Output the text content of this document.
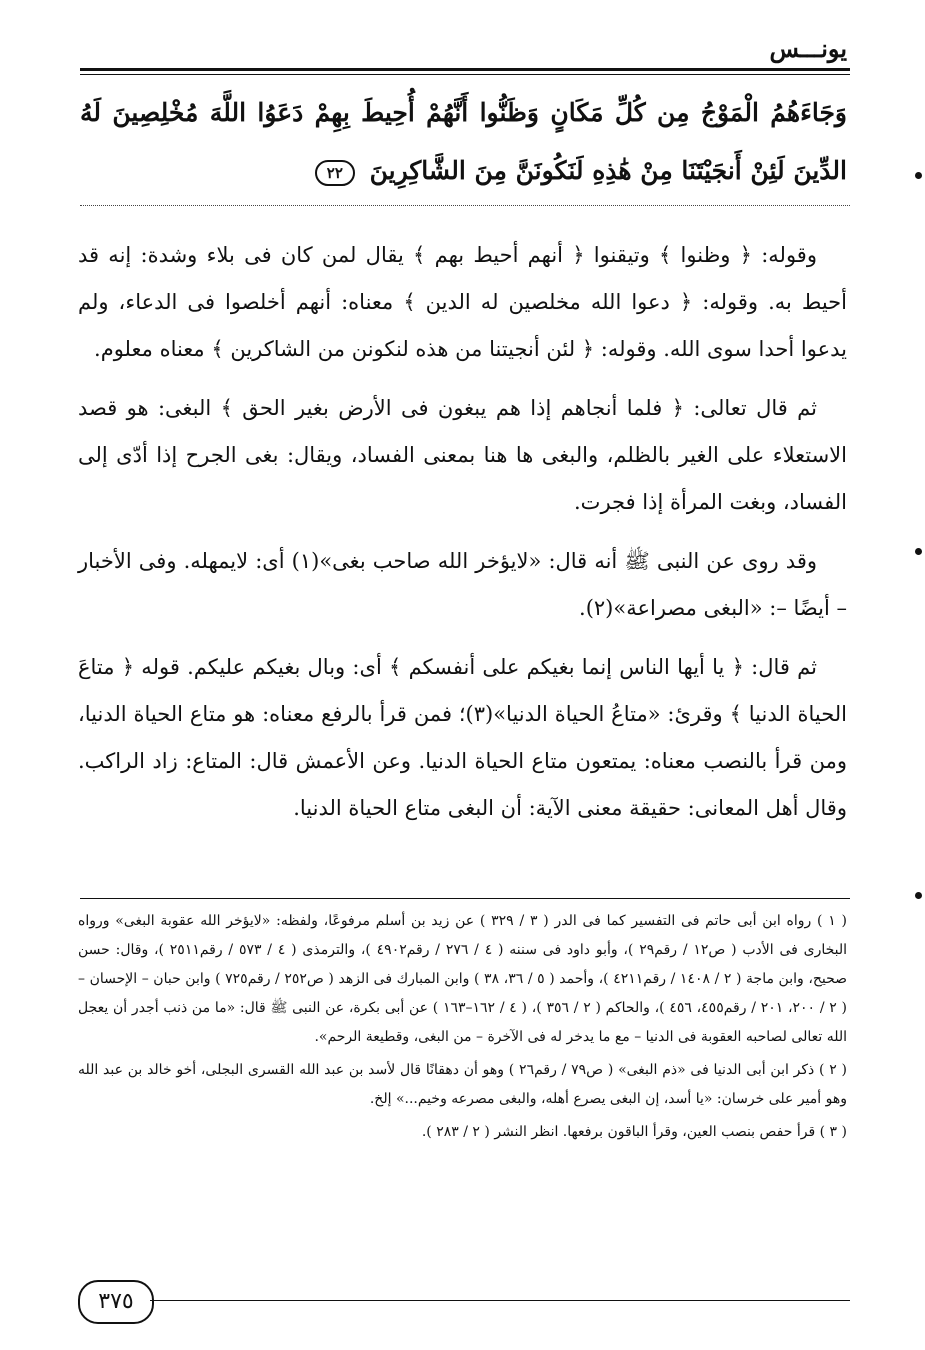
يونـــس
وَجَاءَهُمُ الْمَوْجُ مِن كُلِّ مَكَانٍ وَظَنُّوا أَنَّهُمْ أُحِيطَ بِهِمْ دَعَوُا اللَّهَ مُخْلِصِينَ لَهُ الدِّينَ لَئِنْ أَنجَيْتَنَا مِنْ هَٰذِهِ لَنَكُونَنَّ مِنَ الشَّاكِرِينَ ٢٢

وقوله: ﴿ وظنوا ﴾ وتيقنوا ﴿ أنهم أحيط بهم ﴾ يقال لمن كان فى بلاء وشدة: إنه قد أحيط به. وقوله: ﴿ دعوا الله مخلصين له الدين ﴾ معناه: أنهم أخلصوا فى الدعاء، ولم يدعوا أحدا سوى الله. وقوله: ﴿ لئن أنجيتنا من هذه لنكونن من الشاكرين ﴾ معناه معلوم.

ثم قال تعالى: ﴿ فلما أنجاهم إذا هم يبغون فى الأرض بغير الحق ﴾ البغى: هو قصد الاستعلاء على الغير بالظلم، والبغى ها هنا بمعنى الفساد، ويقال: بغى الجرح إذا أدّى إلى الفساد، وبغت المرأة إذا فجرت.

وقد روى عن النبى ﷺ أنه قال: «لايؤخر الله صاحب بغى»(١) أى: لايمهله. وفى الأخبار – أيضًا –: «البغى مصراعة»(٢).

ثم قال: ﴿ يا أيها الناس إنما بغيكم على أنفسكم ﴾ أى: وبال بغيكم عليكم. قوله ﴿ متاعَ الحياة الدنيا ﴾ وقرئ: «متاعُ الحياة الدنيا»(٣)؛ فمن قرأ بالرفع معناه: هو متاع الحياة الدنيا، ومن قرأ بالنصب معناه: يمتعون متاع الحياة الدنيا. وعن الأعمش قال: المتاع: زاد الراكب. وقال أهل المعانى: حقيقة معنى الآية: أن البغى متاع الحياة الدنيا.

( ١ ) رواه ابن أبى حاتم فى التفسير كما فى الدر ( ٣ / ٣٢٩ ) عن زيد بن أسلم مرفوعًا، ولفظه: «لايؤخر الله عقوبة البغى» ورواه البخارى فى الأدب ( ص١٢ / رقم٢٩ )، وأبو داود فى سننه ( ٤ / ٢٧٦ / رقم٤٩٠٢ )، والترمذى ( ٤ / ٥٧٣ / رقم٢٥١١ )، وقال: حسن صحيح، وابن ماجة ( ٢ / ١٤٠٨ / رقم٤٢١١ )، وأحمد ( ٥ / ٣٦، ٣٨ ) وابن المبارك فى الزهد ( ص٢٥٢ / رقم٧٢٥ ) وابن حبان – الإحسان – ( ٢ / ٢٠٠، ٢٠١ / رقم٤٥٥، ٤٥٦ )، والحاكم ( ٢ / ٣٥٦ )، ( ٤ / ١٦٢–١٦٣ ) عن أبى بكرة، عن النبى ﷺ قال: «ما من ذنب أجدر أن يعجل الله تعالى لصاحبه العقوبة فى الدنيا – مع ما يدخر له فى الآخرة – من البغى، وقطيعة الرحم».

( ٢ ) ذكر ابن أبى الدنيا فى «ذم البغى» ( ص٧٩ / رقم٢٦ ) وهو أن دهقانًا قال لأسد بن عبد الله القسرى البجلى، أخو خالد بن عبد الله وهو أمير على خرسان: «يا أسد، إن البغى يصرع أهله، والبغى مصرعه وخيم...» إلخ.

( ٣ ) قرأ حفص بنصب العين، وقرأ الباقون برفعها. انظر النشر ( ٢ / ٢٨٣ ).

٣٧٥
